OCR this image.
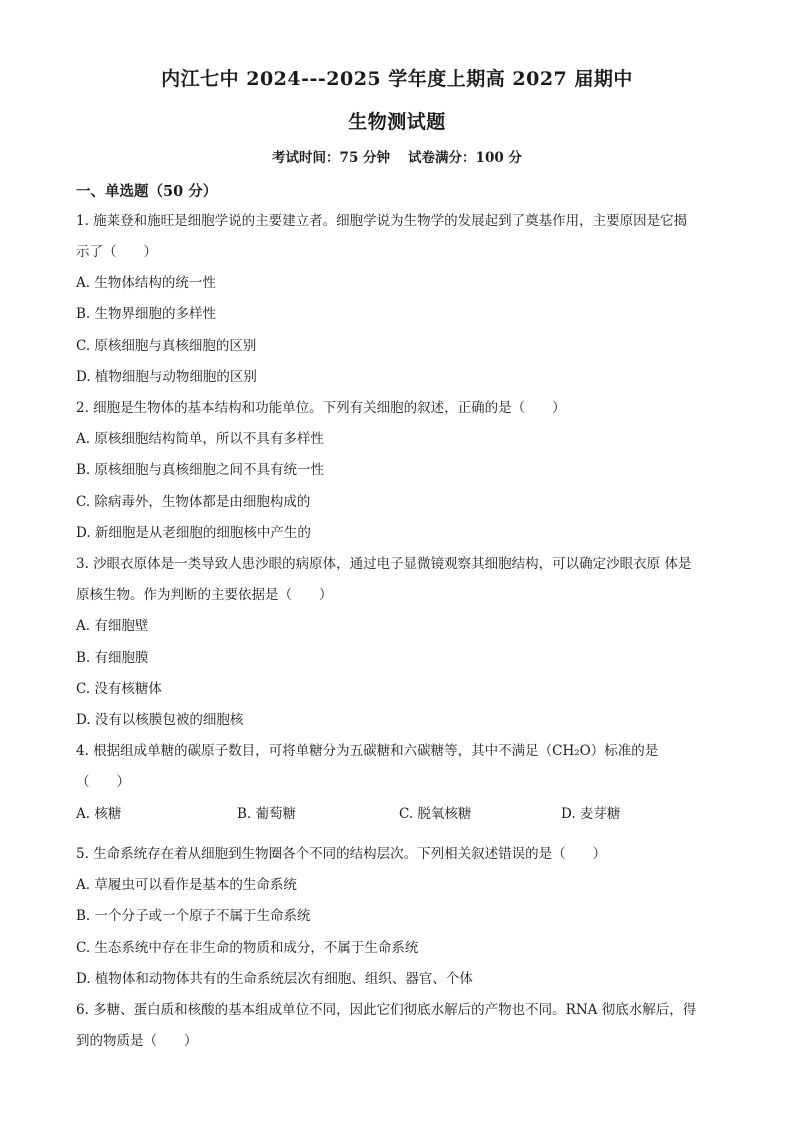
内江七中 2024---2025 学年度上期高 2027 届期中
生物测试题
考试时间：75 分钟 试卷满分：100 分
一、单选题（50 分）
1. 施莱登和施旺是细胞学说的主要建立者。细胞学说为生物学的发展起到了奠基作用，主要原因是它揭
示了（　　）
A. 生物体结构的统一性
B. 生物界细胞的多样性
C. 原核细胞与真核细胞的区别
D. 植物细胞与动物细胞的区别
2. 细胞是生物体的基本结构和功能单位。下列有关细胞的叙述，正确的是（　　）
A. 原核细胞结构简单，所以不具有多样性
B. 原核细胞与真核细胞之间不具有统一性
C. 除病毒外，生物体都是由细胞构成的
D. 新细胞是从老细胞的细胞核中产生的
3. 沙眼衣原体是一类导致人患沙眼的病原体，通过电子显微镜观察其细胞结构，可以确定沙眼衣原 体是
原核生物。作为判断的主要依据是（　　）
A. 有细胞壁
B. 有细胞膜
C. 没有核糖体
D. 没有以核膜包被的细胞核
4. 根据组成单糖的碳原子数目，可将单糖分为五碳糖和六碳糖等，其中不满足（CH₂O）标准的是
（　　）
A. 核糖	B. 葡萄糖	C. 脱氧核糖	D. 麦芽糖
5. 生命系统存在着从细胞到生物圈各个不同的结构层次。下列相关叙述错误的是（　　）
A. 草履虫可以看作是基本的生命系统
B. 一个分子或一个原子不属于生命系统
C. 生态系统中存在非生命的物质和成分，不属于生命系统
D. 植物体和动物体共有的生命系统层次有细胞、组织、器官、个体
6. 多糖、蛋白质和核酸的基本组成单位不同，因此它们彻底水解后的产物也不同。RNA 彻底水解后，得
到的物质是（　　）
